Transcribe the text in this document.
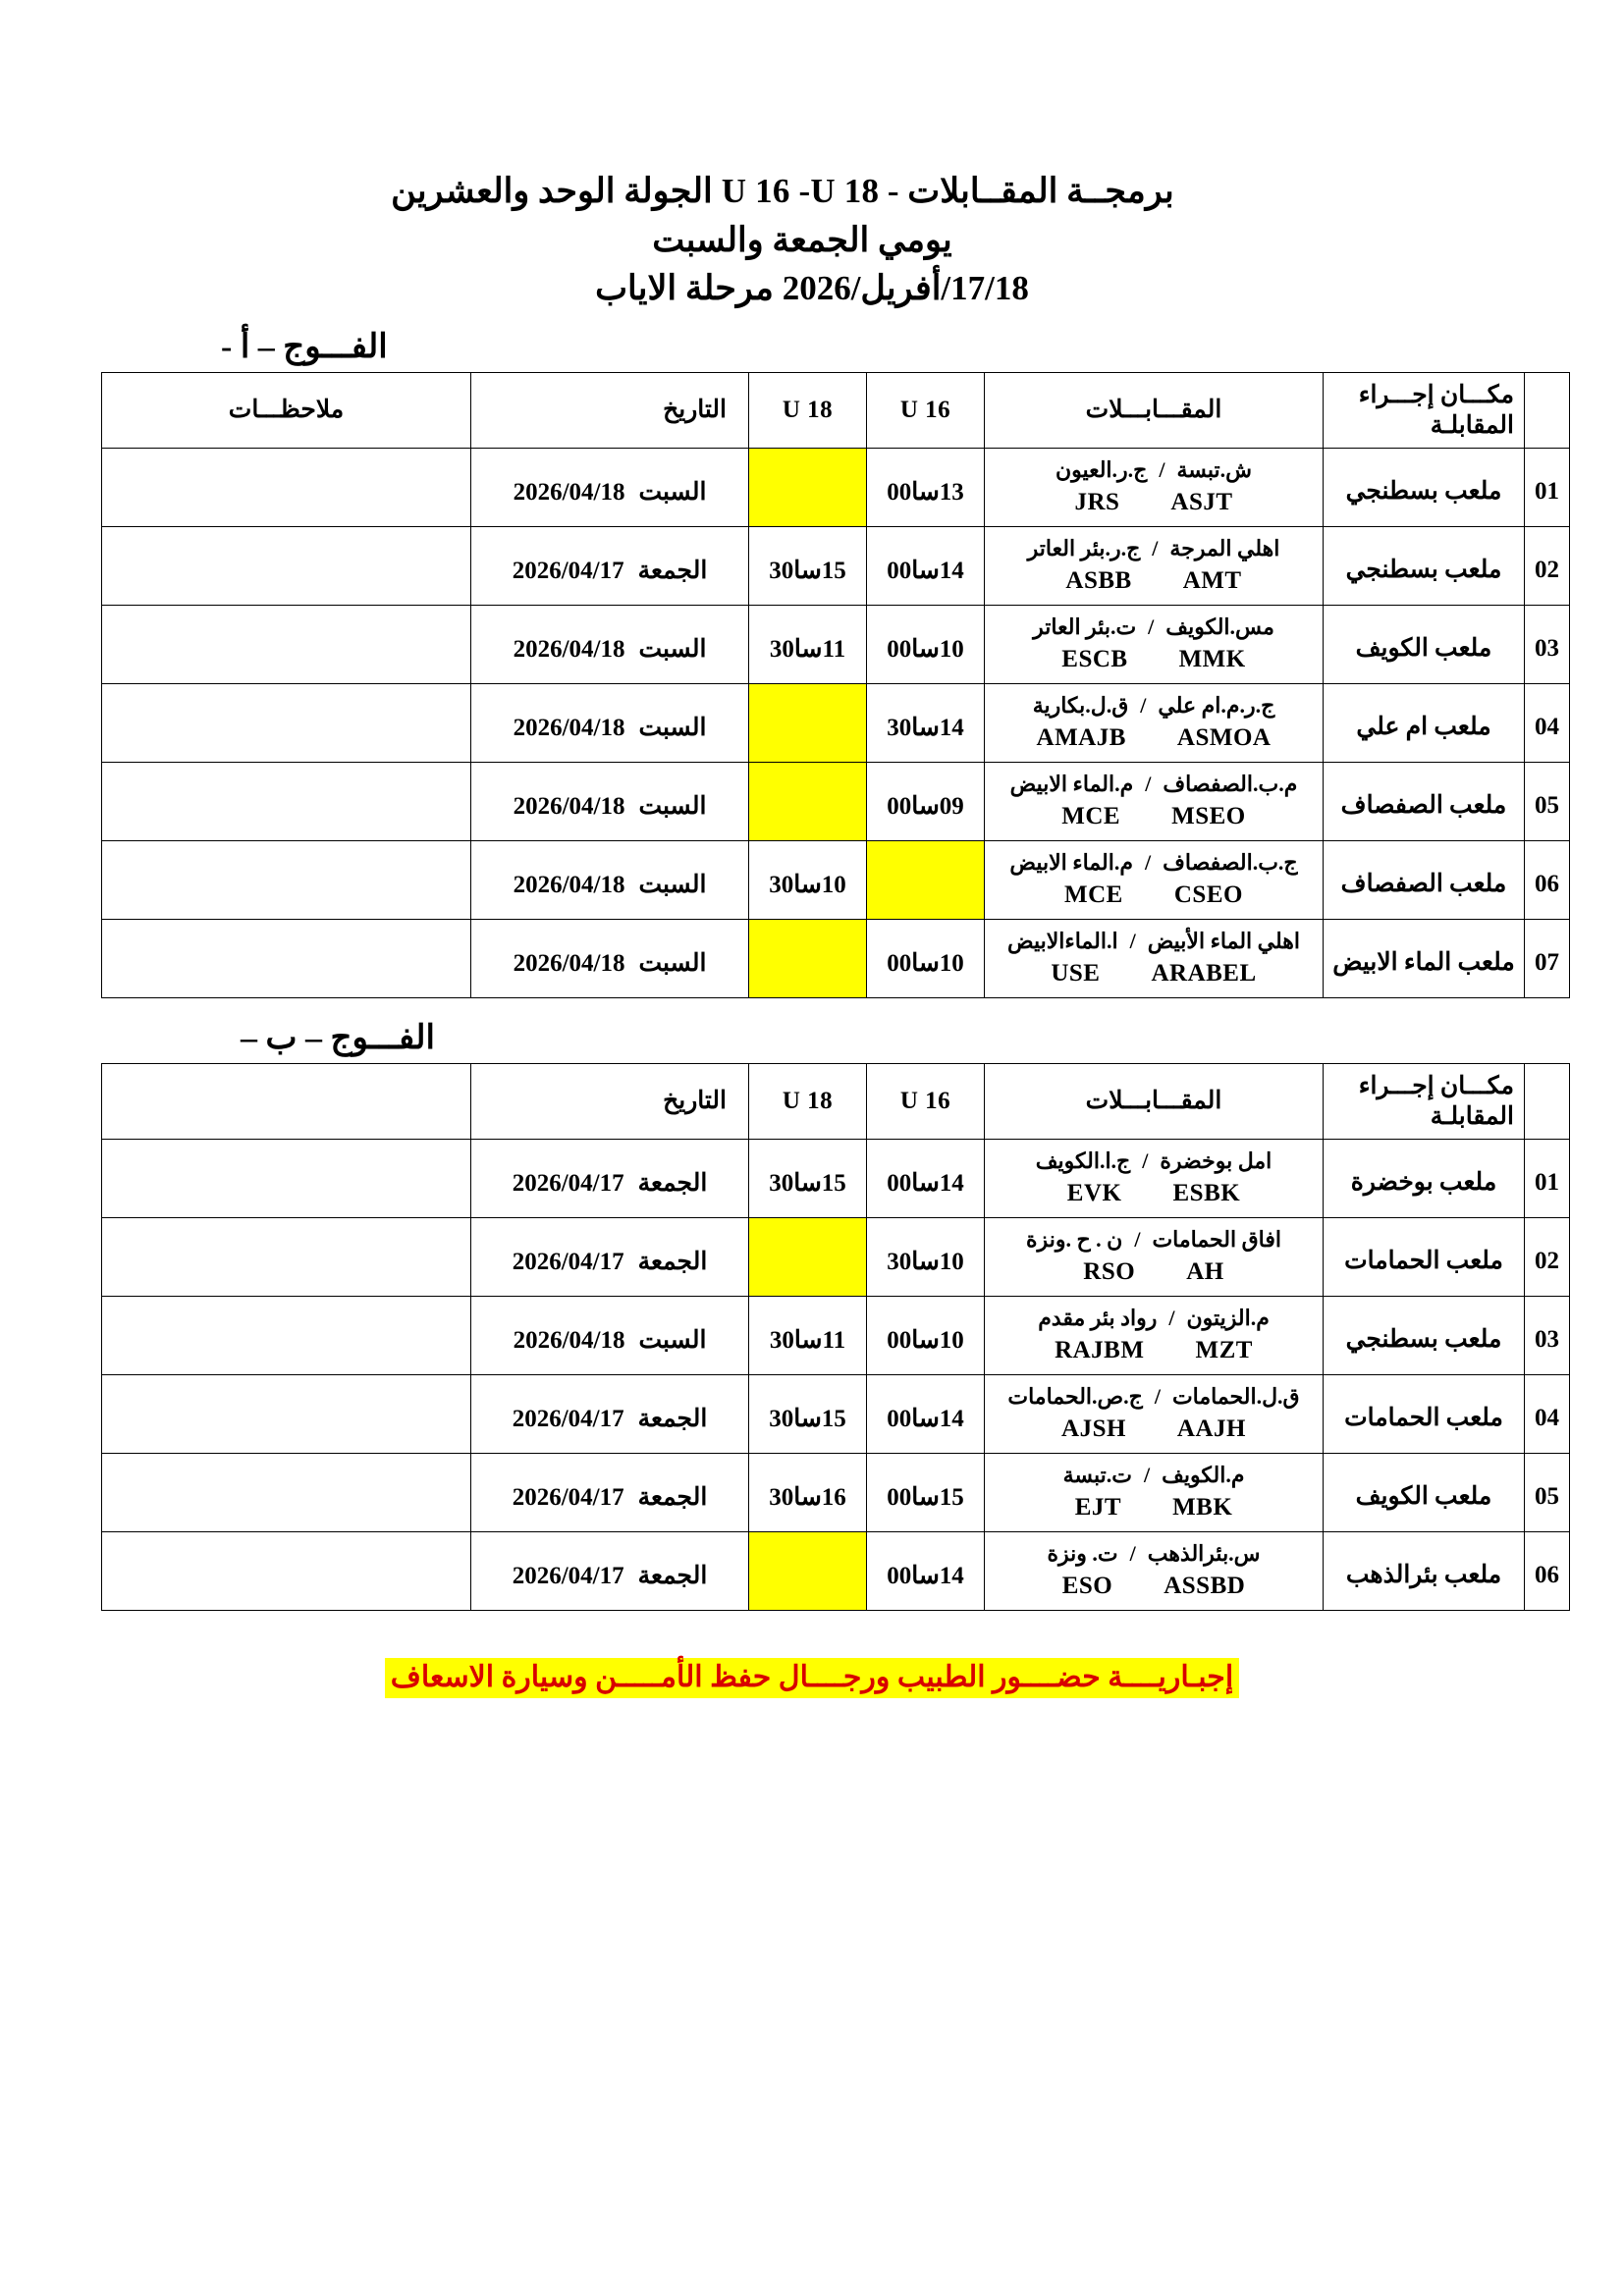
برمجــة المقــابلات - U 16 -U 18 الجولة الوحد والعشرين
يومي الجمعة والسبت
17/18/أفريل/2026 مرحلة الاياب
الفـــوج – أ -

	مكـــان إجـــراء المقابلـة	المقـــابـــلات	U 16	U 18	التاريخ	ملاحظـــات

01	ملعب بسطنجي	ش.تبسة
/
ج.ر.العيون
JRS ASJT	13سا00		السبت2026/04/18	

02	ملعب بسطنجي	اهلي المرجة
/
ج.ر.بئر العاتر
ASBB AMT	14سا00	15سا30	الجمعة2026/04/17	

03	ملعب الكويف	مس.الكويف
/
ت.بئر العاتر
ESCB MMK	10سا00	11سا30	السبت2026/04/18	

04	ملعب ام علي	ج.ر.م.ام علي
/
ق.ل.بكارية
AMAJB ASMOA	14سا30		السبت2026/04/18	

05	ملعب الصفصاف	م.ب.الصفصاف
/
م.الماء الابيض
MCE MSEO	09سا00		السبت2026/04/18	

06	ملعب الصفصاف	ج.ب.الصفصاف
/
م.الماء الابيض
MCE CSEO		10سا30	السبت2026/04/18	

07	ملعب الماء الابيض	اهلي الماء الأبيض
/
ا.الماءالابيض
USE ARABEL	10سا00		السبت2026/04/18	

الفـــوج – ب –

	مكـــان إجـــراء المقابلـة	المقـــابـــلات	U 16	U 18	التاريخ	

01	ملعب بوخضرة	امل بوخضرة
/
ج.ا.الكويف
EVK ESBK	14سا00	15سا30	الجمعة2026/04/17	

02	ملعب الحمامات	افاق الحمامات
/
ن . ح .ونزة
RSO AH	10سا30		الجمعة2026/04/17	

03	ملعب بسطنجي	م.الزيتون
/
رواد بئر مقدم
RAJBM MZT	10سا00	11سا30	السبت2026/04/18	

04	ملعب الحمامات	ق.ل.الحمامات
/
ج.ص.الحمامات
AJSH AAJH	14سا00	15سا30	الجمعة2026/04/17	

05	ملعب الكويف	م.الكويف
/
ت.تبسة
EJT MBK	15سا00	16سا30	الجمعة2026/04/17	

06	ملعب بئرالذهب	س.بئرالذهب
/
ت. ونزة
ESO ASSBD	14سا00		الجمعة2026/04/17	

إجبـاريــــة حضــــور الطبيب ورجــــال حفظ الأمـــــن وسيارة الاسعاف
